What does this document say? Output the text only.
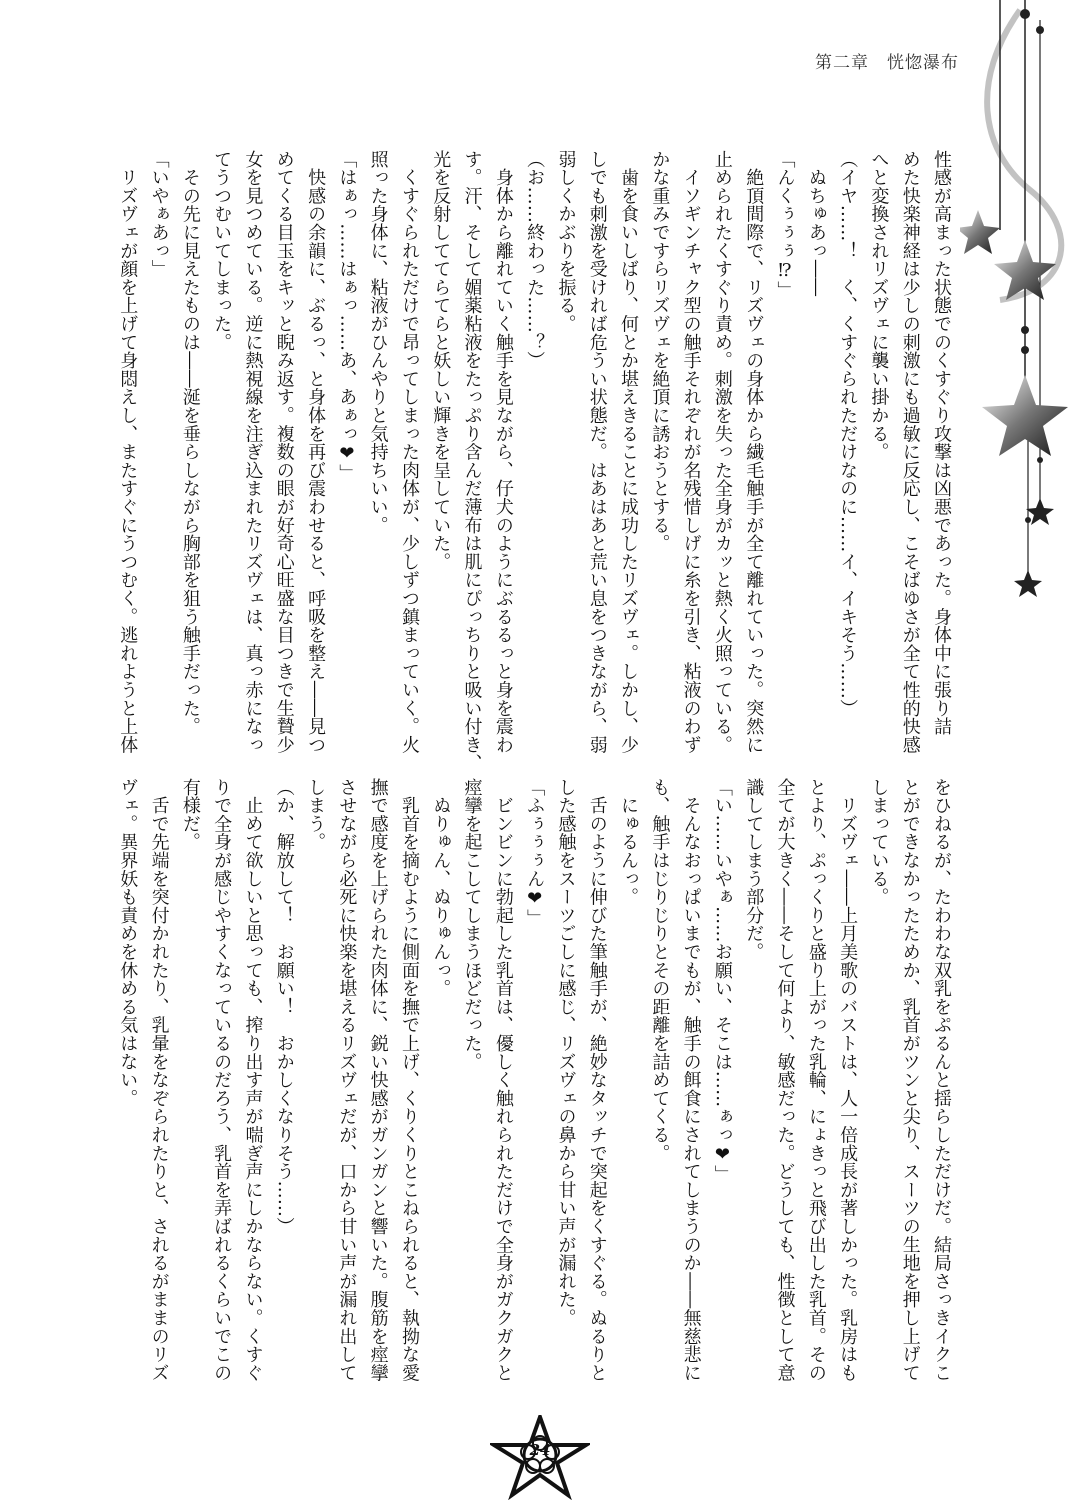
第二章　恍惚瀑布
性感が高まった状態でのくすぐり攻撃は凶悪であった。身体中に張り詰
めた快楽神経は少しの刺激にも過敏に反応し、こそばゆさが全て性的快感
へと変換されリズヴェに襲い掛かる。
（イヤ……！　く、くすぐられただけなのに……イ、イキそう……）
　ぬちゅあっ――
「んくぅぅぅ⁉」
　絶頂間際で、リズヴェの身体から繊毛触手が全て離れていった。突然に
止められたくすぐり責め。刺激を失った全身がカッと熱く火照っている。
　イソギンチャク型の触手それぞれが名残惜しげに糸を引き、粘液のわず
かな重みですらリズヴェを絶頂に誘おうとする。
　歯を食いしばり、何とか堪えきることに成功したリズヴェ。しかし、少
しでも刺激を受ければ危うい状態だ。はあはあと荒い息をつきながら、弱
弱しくかぶりを振る。
（お……終わった……？）
　身体から離れていく触手を見ながら、仔犬のようにぶるるっと身を震わ
す。汗、そして媚薬粘液をたっぷり含んだ薄布は肌にぴっちりと吸い付き、
光を反射しててらてらと妖しい輝きを呈していた。
　くすぐられただけで昂ってしまった肉体が、少しずつ鎮まっていく。火
照った身体に、粘液がひんやりと気持ちいい。
「はぁっ……はぁっ……あ、あぁっ❤」
　快感の余韻に、ぶるっ、と身体を再び震わせると、呼吸を整え――見つ
めてくる目玉をキッと睨み返す。複数の眼が好奇心旺盛な目つきで生贄少
女を見つめている。逆に熱視線を注ぎ込まれたリズヴェは、真っ赤になっ
てうつむいてしまった。
　その先に見えたものは――涎を垂らしながら胸部を狙う触手だった。
「いやぁあっ」
　リズヴェが顔を上げて身悶えし、またすぐにうつむく。逃れようと上体
をひねるが、たわわな双乳をぷるんと揺らしただけだ。結局さっきイクこ
とができなかったためか、乳首がツンと尖り、スーツの生地を押し上げて
しまっている。
　リズヴェ――上月美歌のバストは、人一倍成長が著しかった。乳房はも
とより、ぷっくりと盛り上がった乳輪、にょきっと飛び出した乳首。その
全てが大きく――そして何より、敏感だった。どうしても、性徴として意
識してしまう部分だ。
「い……いやぁ……お願い、そこは……ぁっ❤」
　そんなおっぱいまでもが、触手の餌食にされてしまうのか――無慈悲に
も、触手はじりじりとその距離を詰めてくる。
　にゅるんっ。
　舌のように伸びた筆触手が、絶妙なタッチで突起をくすぐる。ぬるりと
した感触をスーツごしに感じ、リズヴェの鼻から甘い声が漏れた。
「ふぅぅぅん❤」
　ビンビンに勃起した乳首は、優しく触れられただけで全身がガクガクと
痙攣を起こしてしまうほどだった。
　ぬりゅん、ぬりゅんっ。
　乳首を摘むように側面を撫で上げ、くりくりとこねられると、執拗な愛
撫で感度を上げられた肉体に、鋭い快感がガンガンと響いた。腹筋を痙攣
させながら必死に快楽を堪えるリズヴェだが、口から甘い声が漏れ出して
しまう。
（か、解放して！　お願い！　おかしくなりそう……）
　止めて欲しいと思っても、搾り出す声が喘ぎ声にしかならない。くすぐ
りで全身が感じやすくなっているのだろう、乳首を弄ばれるくらいでこの
有様だ。
　舌で先端を突付かれたり、乳暈をなぞられたりと、されるがままのリズ
ヴェ。異界妖も責めを休める気はない。
24
